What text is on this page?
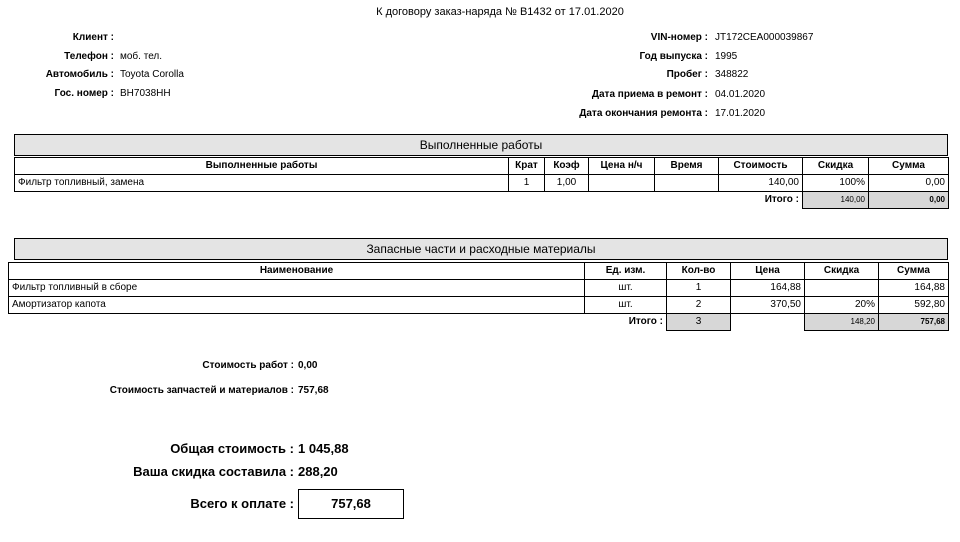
К договору заказ-наряда № В1432 от 17.01.2020
Клиент :
Телефон : моб. тел.
Автомобиль : Toyota Corolla
Гос. номер : ВН7038НН
VIN-номер : JT172CEA000039867
Год выпуска : 1995
Пробег : 348822
Дата приема в ремонт : 04.01.2020
Дата окончания ремонта : 17.01.2020
Выполненные работы
Выполненные работы	Крат	Коэф	Цена н/ч	Время	Стоимость	Скидка	Сумма
Фильтр топливный, замена	1	1,00			140,00	100%	0,00
					Итого :	140,00	0,00
Запасные части и расходные материалы
Наименование	Ед. изм.	Кол-во	Цена	Скидка	Сумма
Фильтр топливный в сборе	шт.	1	164,88		164,88
Амортизатор капота	шт.	2	370,50	20%	592,80
	Итого :	3		148,20	757,68
Стоимость работ : 0,00
Стоимость запчастей и материалов : 757,68
Общая стоимость : 1 045,88
Ваша скидка составила : 288,20
Всего к оплате :	757,68
